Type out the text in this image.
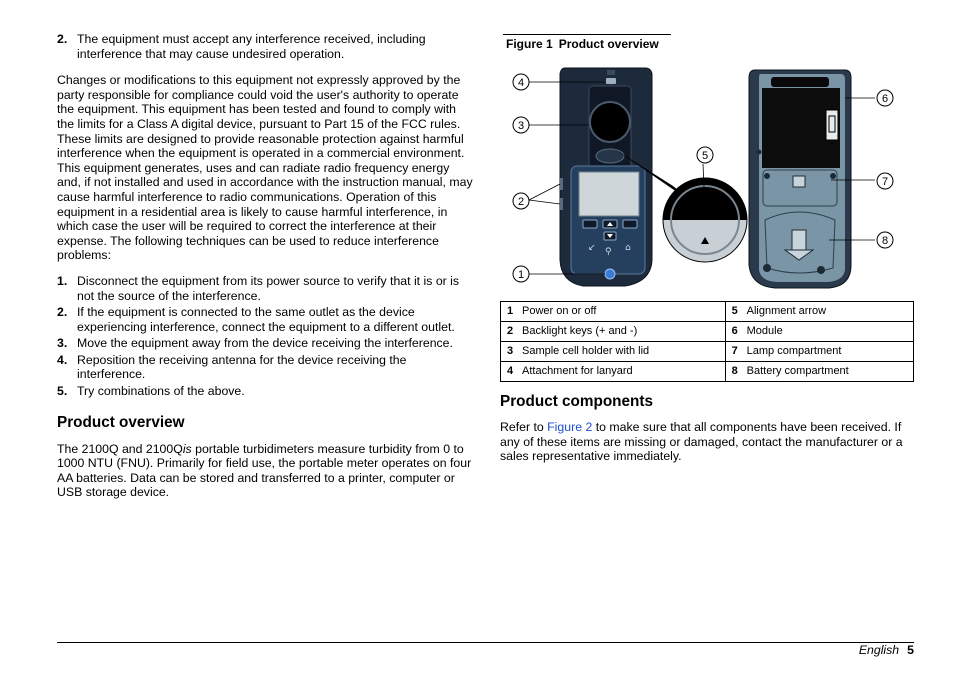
2. The equipment must accept any interference received, including interference that may cause undesired operation.

Changes or modifications to this equipment not expressly approved by the party responsible for compliance could void the user's authority to operate the equipment. This equipment has been tested and found to comply with the limits for a Class A digital device, pursuant to Part 15 of the FCC rules. These limits are designed to provide reasonable protection against harmful interference when the equipment is operated in a commercial environment. This equipment generates, uses and can radiate radio frequency energy and, if not installed and used in accordance with the instruction manual, may cause harmful interference to radio communications. Operation of this equipment in a residential area is likely to cause harmful interference, in which case the user will be required to correct the interference at their expense. The following techniques can be used to reduce interference problems:

1. Disconnect the equipment from its power source to verify that it is or is not the source of the interference.
2. If the equipment is connected to the same outlet as the device experiencing interference, connect the equipment to a different outlet.
3. Move the equipment away from the device receiving the interference.
4. Reposition the receiving antenna for the device receiving the interference.
5. Try combinations of the above.
Product overview

The 2100Q and 2100Qis portable turbidimeters measure turbidity from 0 to 1000 NTU (FNU). Primarily for field use, the portable meter operates on four AA batteries. Data can be stored and transferred to a printer, computer or USB storage device.

Figure 1 Product overview
↙ ⚲ ⌂
4
3
2
1
5
6
7
8
1 Power on or off	5 Alignment arrow
2 Backlight keys (+ and -)	6 Module
3 Sample cell holder with lid	7 Lamp compartment
4 Attachment for lanyard	8 Battery compartment
Product components

Refer to Figure 2 to make sure that all components have been received. If any of these items are missing or damaged, contact the manufacturer or a sales representative immediately.

English 5
